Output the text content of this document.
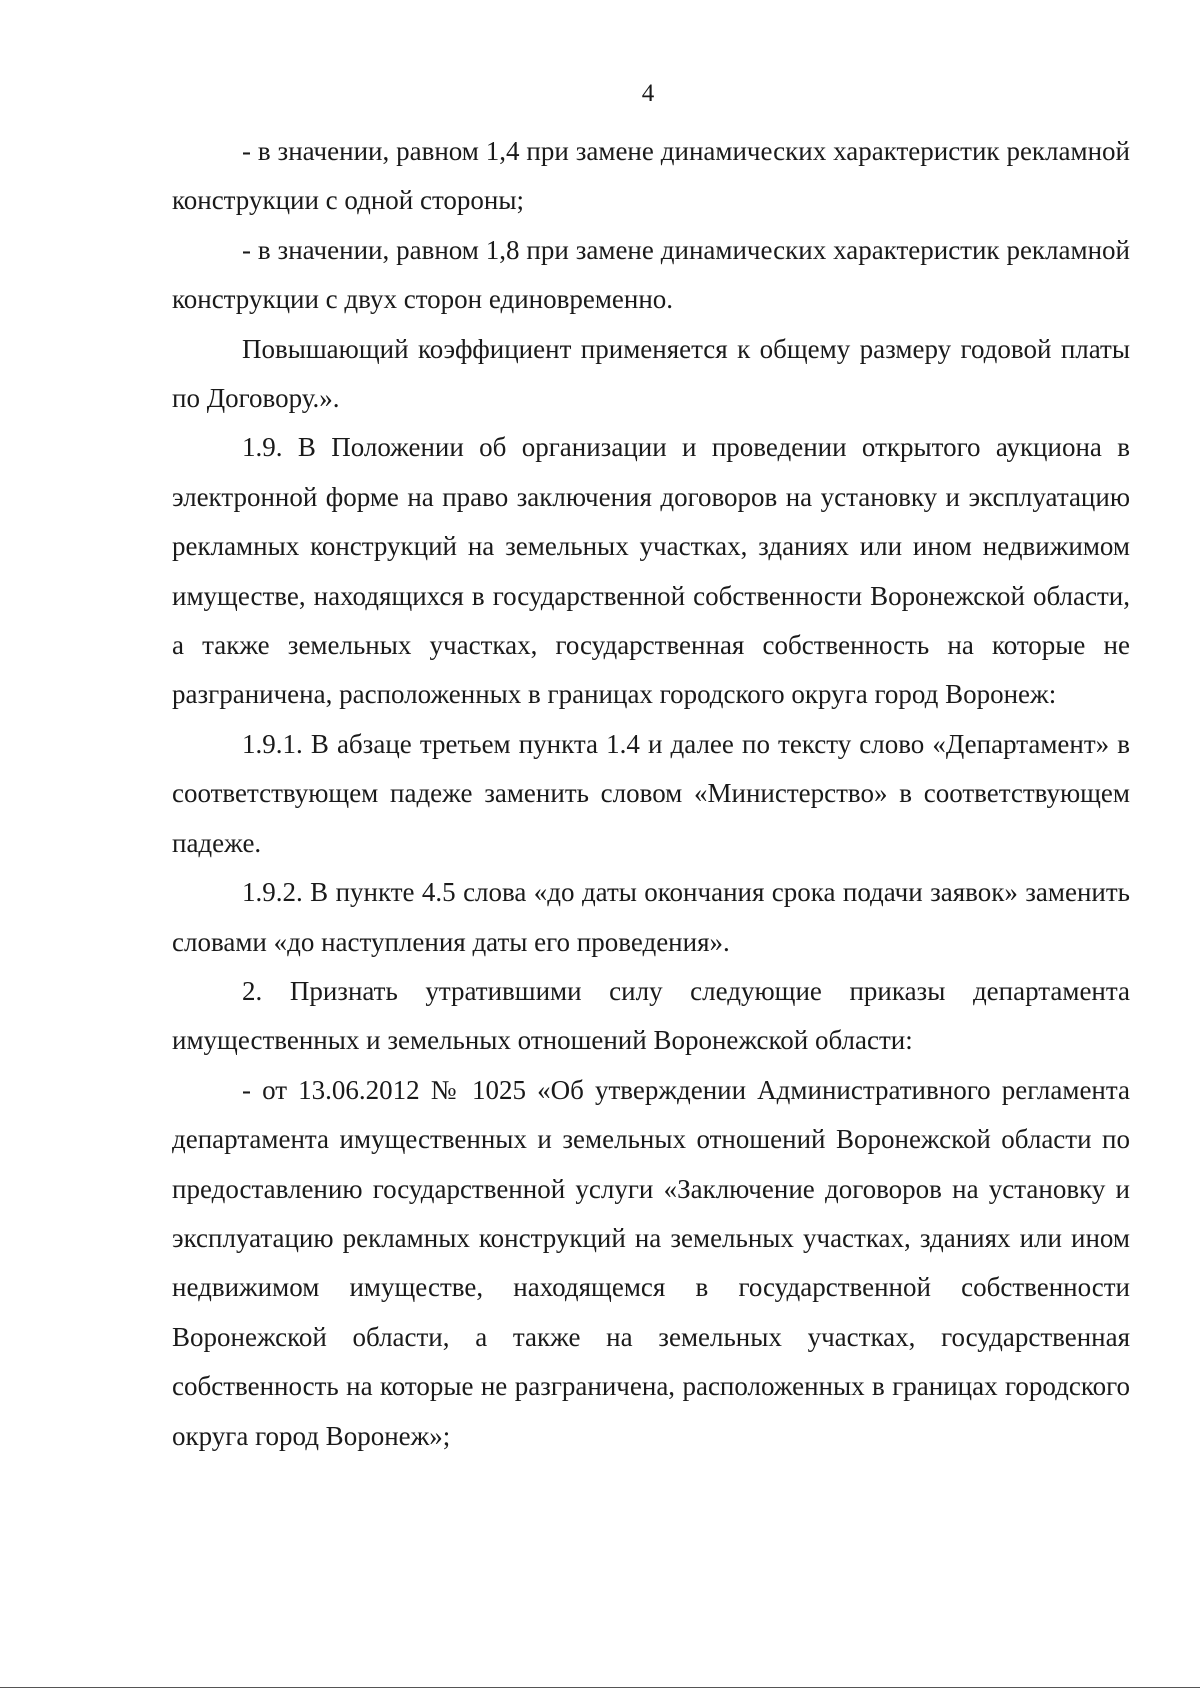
4

- в значении, равном 1,4 при замене динамических характеристик рекламной конструкции с одной стороны;

- в значении, равном 1,8 при замене динамических характеристик рекламной конструкции с двух сторон единовременно.

Повышающий коэффициент применяется к общему размеру годовой платы по Договору.».

1.9. В Положении об организации и проведении открытого аукциона в электронной форме на право заключения договоров на установку и эксплуатацию рекламных конструкций на земельных участках, зданиях или ином недвижимом имуществе, находящихся в государственной собственности Воронежской области, а также земельных участках, государственная собственность на которые не разграничена, расположенных в границах городского округа город Воронеж:

1.9.1. В абзаце третьем пункта 1.4 и далее по тексту слово «Департамент» в соответствующем падеже заменить словом «Министерство» в соответствующем падеже.

1.9.2. В пункте 4.5 слова «до даты окончания срока подачи заявок» заменить словами «до наступления даты его проведения».

2. Признать утратившими силу следующие приказы департамента имущественных и земельных отношений Воронежской области:

- от 13.06.2012 № 1025 «Об утверждении Административного регламента департамента имущественных и земельных отношений Воронежской области по предоставлению государственной услуги «Заключение договоров на установку и эксплуатацию рекламных конструкций на земельных участках, зданиях или ином недвижимом имуществе, находящемся в государственной собственности Воронежской области, а также на земельных участках, государственная собственность на которые не разграничена, расположенных в границах городского округа город Воронеж»;
